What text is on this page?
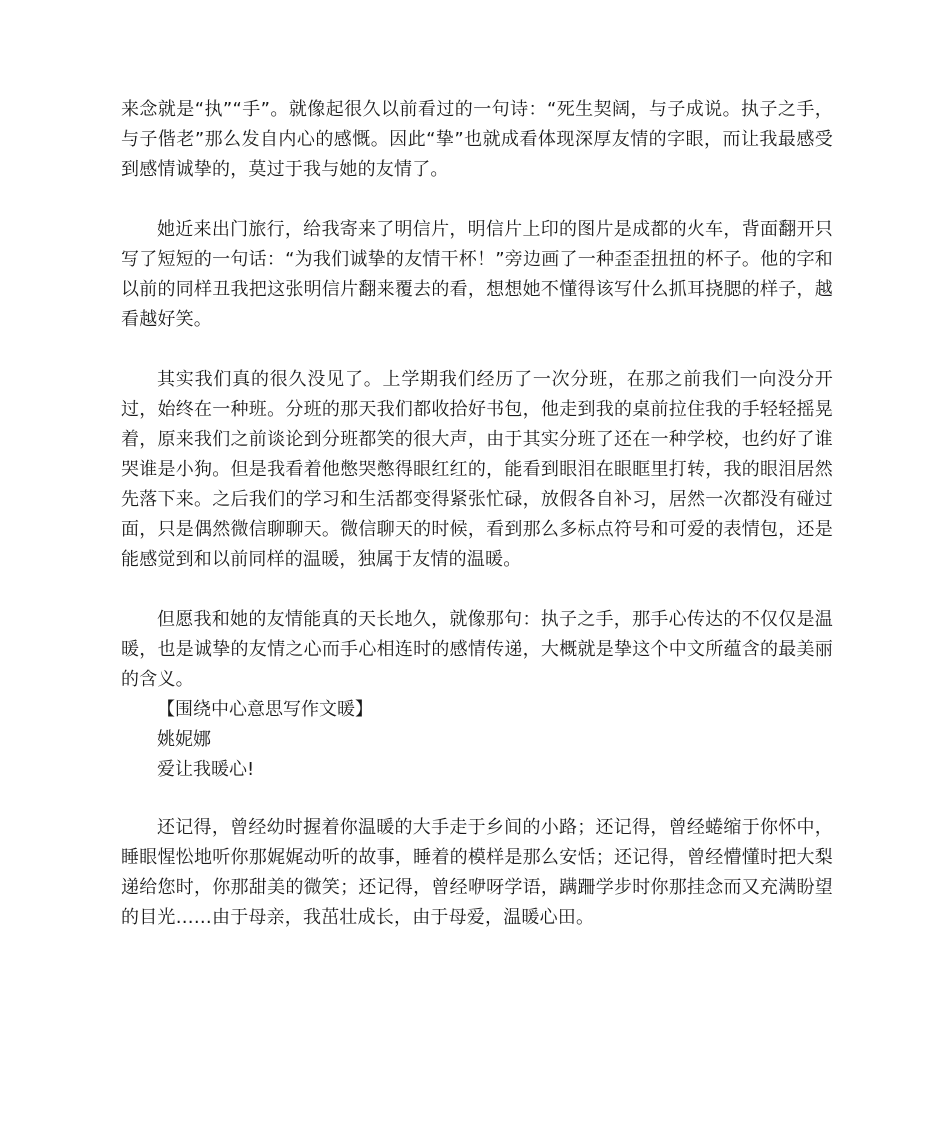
来念就是“执”“手”。就像起很久以前看过的一句诗：“死生契阔，与子成说。执子之手，与子偕老”那么发自内心的感慨。因此“挚”也就成看体现深厚友情的字眼，而让我最感受到感情诚挚的，莫过于我与她的友情了。

她近来出门旅行，给我寄来了明信片，明信片上印的图片是成都的火车，背面翻开只写了短短的一句话：“为我们诚挚的友情干杯！”旁边画了一种歪歪扭扭的杯子。他的字和以前的同样丑我把这张明信片翻来覆去的看，想想她不懂得该写什么抓耳挠腮的样子，越看越好笑。

其实我们真的很久没见了。上学期我们经历了一次分班，在那之前我们一向没分开过，始终在一种班。分班的那天我们都收拾好书包，他走到我的桌前拉住我的手轻轻摇晃着，原来我们之前谈论到分班都笑的很大声，由于其实分班了还在一种学校，也约好了谁哭谁是小狗。但是我看着他憋哭憋得眼红红的，能看到眼泪在眼眶里打转，我的眼泪居然先落下来。之后我们的学习和生活都变得紧张忙碌，放假各自补习，居然一次都没有碰过面，只是偶然微信聊聊天。微信聊天的时候，看到那么多标点符号和可爱的表情包，还是能感觉到和以前同样的温暖，独属于友情的温暖。

但愿我和她的友情能真的天长地久，就像那句：执子之手，那手心传达的不仅仅是温暖，也是诚挚的友情之心而手心相连时的感情传递，大概就是挚这个中文所蕴含的最美丽的含义。

【围绕中心意思写作文暖】

姚妮娜

爱让我暖心!

还记得，曾经幼时握着你温暖的大手走于乡间的小路；还记得，曾经蜷缩于你怀中，睡眼惺忪地听你那娓娓动听的故事，睡着的模样是那么安恬；还记得，曾经懵懂时把大梨递给您时，你那甜美的微笑；还记得，曾经咿呀学语，蹒跚学步时你那挂念而又充满盼望的目光……由于母亲，我茁壮成长，由于母爱，温暖心田。
